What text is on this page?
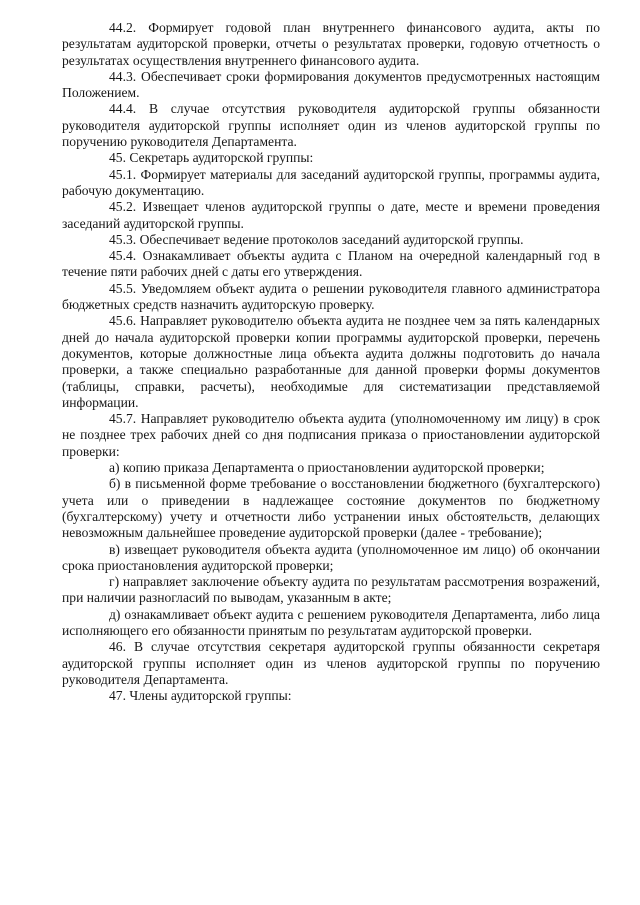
44.2. Формирует годовой план внутреннего финансового аудита, акты по результатам аудиторской проверки, отчеты о результатах проверки, годовую отчетность о результатах осуществления внутреннего финансового аудита.

44.3. Обеспечивает сроки формирования документов предусмотренных настоящим Положением.

44.4. В случае отсутствия руководителя аудиторской группы обязанности руководителя аудиторской группы исполняет один из членов аудиторской группы по поручению руководителя Департамента.

45. Секретарь аудиторской группы:

45.1. Формирует материалы для заседаний аудиторской группы, программы аудита, рабочую документацию.

45.2. Извещает членов аудиторской группы о дате, месте и времени проведения заседаний аудиторской группы.

45.3. Обеспечивает ведение протоколов заседаний аудиторской группы.

45.4. Ознакамливает объекты аудита с Планом на очередной календарный год в течение пяти рабочих дней с даты его утверждения.

45.5. Уведомляем объект аудита о решении руководителя главного администратора бюджетных средств назначить аудиторскую проверку.

45.6. Направляет руководителю объекта аудита не позднее чем за пять календарных дней до начала аудиторской проверки копии программы аудиторской проверки, перечень документов, которые должностные лица объекта аудита должны подготовить до начала проверки, а также специально разработанные для данной проверки формы документов (таблицы, справки, расчеты), необходимые для систематизации представляемой информации.

45.7. Направляет руководителю объекта аудита (уполномоченному им лицу) в срок не позднее трех рабочих дней со дня подписания приказа о приостановлении аудиторской проверки:

а) копию приказа Департамента о приостановлении аудиторской проверки;

б) в письменной форме требование о восстановлении бюджетного (бухгалтерского) учета или о приведении в надлежащее состояние документов по бюджетному (бухгалтерскому) учету и отчетности либо устранении иных обстоятельств, делающих невозможным дальнейшее проведение аудиторской проверки (далее - требование);

в) извещает руководителя объекта аудита (уполномоченное им лицо) об окончании срока приостановления аудиторской проверки;

г) направляет заключение объекту аудита по результатам рассмотрения возражений, при наличии разногласий по выводам, указанным в акте;

д) ознакамливает объект аудита с решением руководителя Департамента, либо лица исполняющего его обязанности принятым по результатам аудиторской проверки.

46. В случае отсутствия секретаря аудиторской группы обязанности секретаря аудиторской группы исполняет один из членов аудиторской группы по поручению руководителя Департамента.

47. Члены аудиторской группы:
